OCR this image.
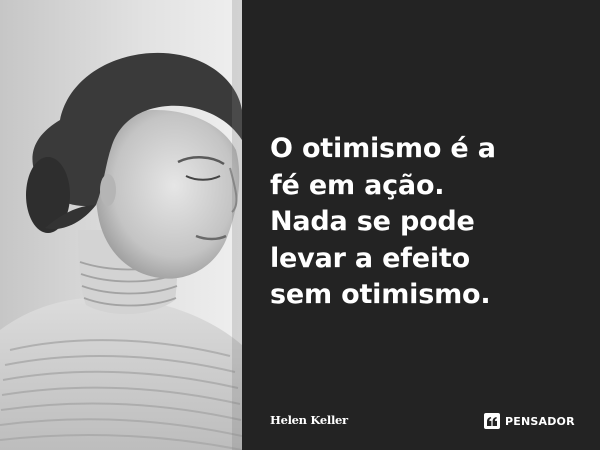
O otimismo é a
fé em ação.
Nada se pode
levar a efeito
sem otimismo.

Helen Keller	PENSADOR
